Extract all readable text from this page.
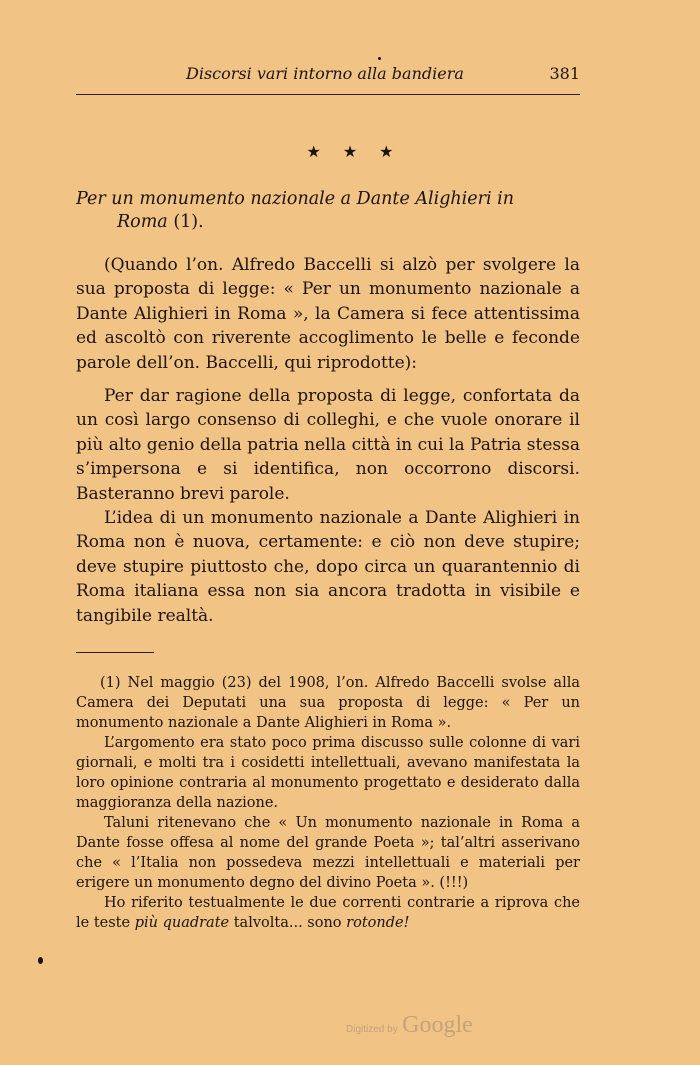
Discorsi vari intorno alla bandiera	381
★★★
Per un monumento nazionale a Dante Alighieri in
Roma (1).

(Quando l’on. Alfredo Baccelli si alzò per svolgere la sua proposta di legge: « Per un monumento nazionale a Dante Alighieri in Roma », la Camera si fece attentissima ed ascoltò con riverente accoglimento le belle e feconde parole dell’on. Baccelli, qui riprodotte):

Per dar ragione della proposta di legge, confortata da un così largo consenso di colleghi, e che vuole onorare il più alto genio della patria nella città in cui la Patria stessa s’impersona e si identifica, non occorrono discorsi. Basteranno brevi parole.

L’idea di un monumento nazionale a Dante Alighieri in Roma non è nuova, certamente: e ciò non deve stupire; deve stupire piuttosto che, dopo circa un quarantennio di Roma italiana essa non sia ancora tradotta in visibile e tangibile realtà.

(1) Nel maggio (23) del 1908, l’on. Alfredo Baccelli svolse alla Camera dei Deputati una sua proposta di legge: « Per un monumento nazionale a Dante Alighieri in Roma ».

L’argomento era stato poco prima discusso sulle colonne di vari giornali, e molti tra i cosidetti intellettuali, avevano manifestata la loro opinione contraria al monumento progettato e desiderato dalla maggioranza della nazione.

Taluni ritenevano che « Un monumento nazionale in Roma a Dante fosse offesa al nome del grande Poeta »; tal’altri asserivano che « l’Italia non possedeva mezzi intellettuali e materiali per erigere un monumento degno del divino Poeta ». (!!!)

Ho riferito testualmente le due correnti contrarie a riprova che le teste più quadrate talvolta... sono rotonde!

Digitized by Google
